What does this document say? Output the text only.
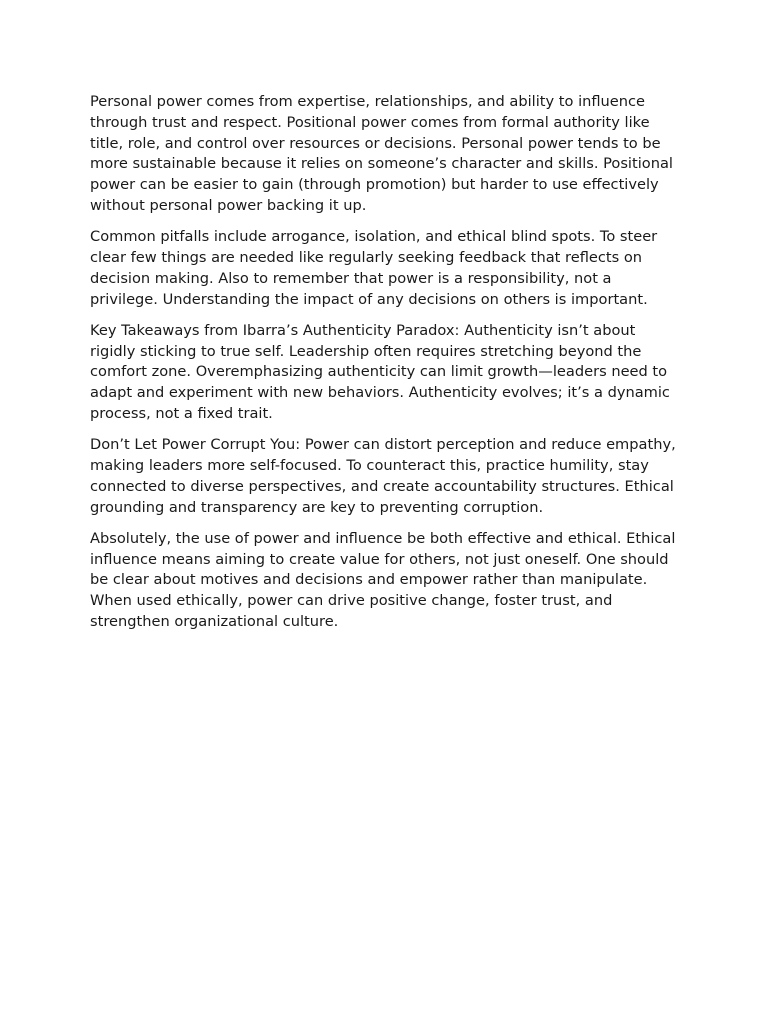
Personal power comes from expertise, relationships, and ability to influence through trust and respect. Positional power comes from formal authority like title, role, and control over resources or decisions. Personal power tends to be more sustainable because it relies on someone’s character and skills. Positional power can be easier to gain (through promotion) but harder to use effectively without personal power backing it up.

Common pitfalls include arrogance, isolation, and ethical blind spots. To steer clear few things are needed like regularly seeking feedback that reflects on decision making. Also to remember that power is a responsibility, not a privilege. Understanding the impact of any decisions on others is important.

Key Takeaways from Ibarra’s Authenticity Paradox: Authenticity isn’t about rigidly sticking to true self. Leadership often requires stretching beyond the comfort zone. Overemphasizing authenticity can limit growth—leaders need to adapt and experiment with new behaviors. Authenticity evolves; it’s a dynamic process, not a fixed trait.

Don’t Let Power Corrupt You: Power can distort perception and reduce empathy, making leaders more self-focused. To counteract this, practice humility, stay connected to diverse perspectives, and create accountability structures. Ethical grounding and transparency are key to preventing corruption.

Absolutely, the use of power and influence be both effective and ethical. Ethical influence means aiming to create value for others, not just oneself. One should be clear about motives and decisions and empower rather than manipulate. When used ethically, power can drive positive change, foster trust, and strengthen organizational culture.
